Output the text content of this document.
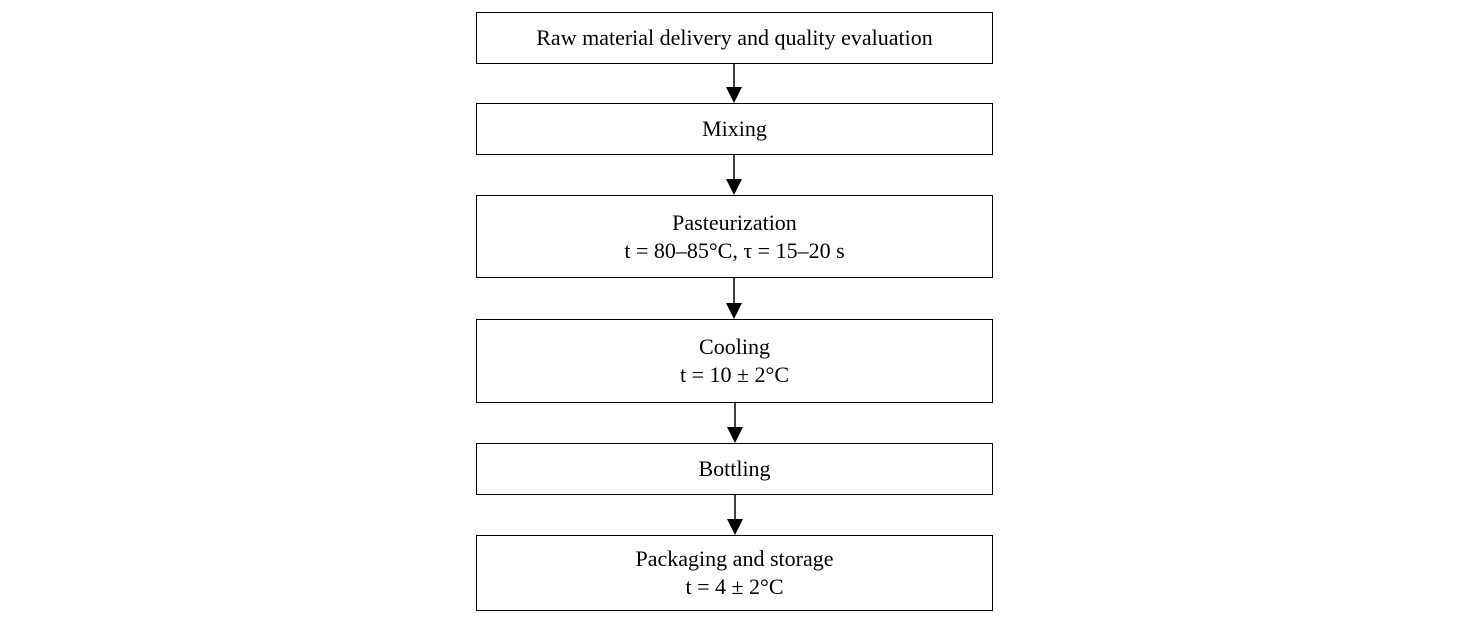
Raw material delivery and quality evaluation
Mixing
Pasteurization
t = 80–85°C, τ = 15–20 s
Cooling
t = 10 ± 2°C
Bottling
Packaging and storage
t = 4 ± 2°C
